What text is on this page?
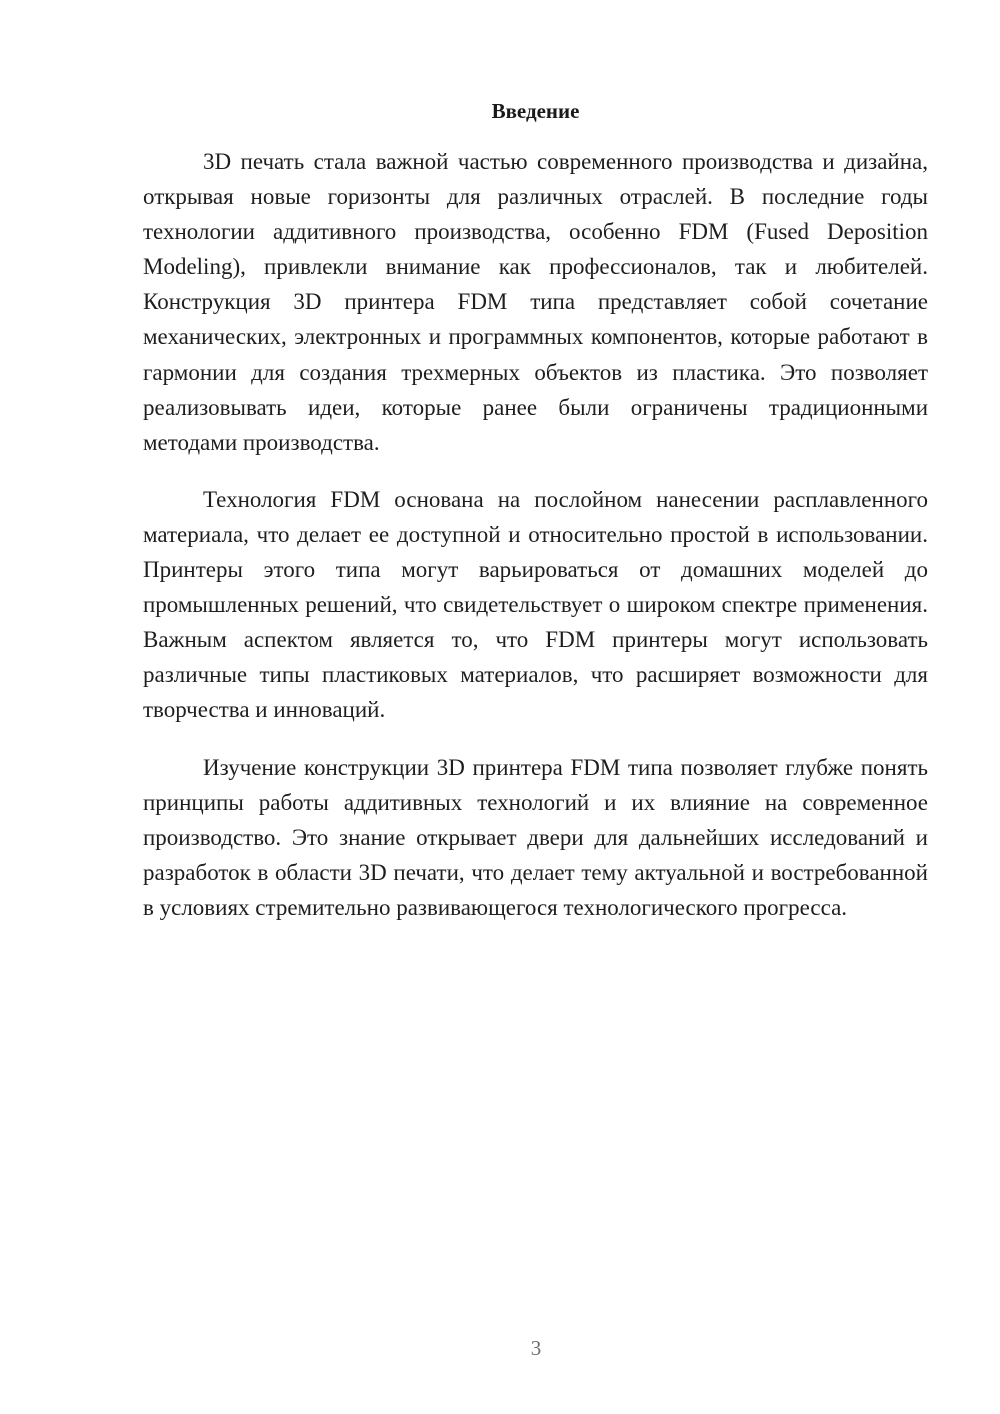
Введение

3D печать стала важной частью современного производства и дизайна, открывая новые горизонты для различных отраслей. В последние годы технологии аддитивного производства, особенно FDM (Fused Deposition Modeling), привлекли внимание как профессионалов, так и любителей. Конструкция 3D принтера FDM типа представляет собой сочетание механических, электронных и программных компонентов, которые работают в гармонии для создания трехмерных объектов из пластика. Это позволяет реализовывать идеи, которые ранее были ограничены традиционными методами производства.

Технология FDM основана на послойном нанесении расплавленного материала, что делает ее доступной и относительно простой в использовании. Принтеры этого типа могут варьироваться от домашних моделей до промышленных решений, что свидетельствует о широком спектре применения. Важным аспектом является то, что FDM принтеры могут использовать различные типы пластиковых материалов, что расширяет возможности для творчества и инноваций.

Изучение конструкции 3D принтера FDM типа позволяет глубже понять принципы работы аддитивных технологий и их влияние на современное производство. Это знание открывает двери для дальнейших исследований и разработок в области 3D печати, что делает тему актуальной и востребованной в условиях стремительно развивающегося технологического прогресса.

3
